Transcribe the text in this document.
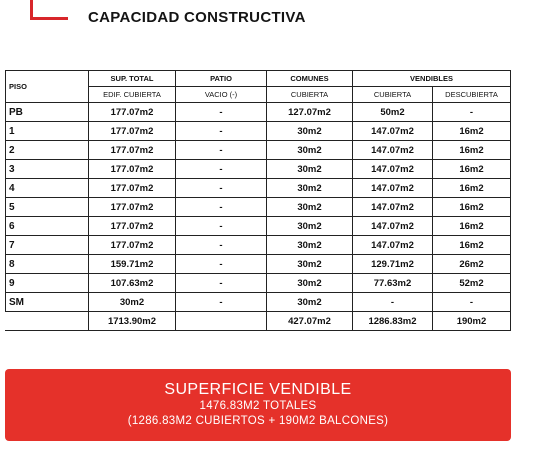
CAPACIDAD CONSTRUCTIVA
PISO	SUP. TOTAL	PATIO	COMUNES	VENDIBLES	
	EDIF. CUBIERTA	VACIO (-)	CUBIERTA	CUBIERTA	DESCUBIERTA
PB	177.07m2	-	127.07m2	50m2	-
1	177.07m2	-	30m2	147.07m2	16m2
2	177.07m2	-	30m2	147.07m2	16m2
3	177.07m2	-	30m2	147.07m2	16m2
4	177.07m2	-	30m2	147.07m2	16m2
5	177.07m2	-	30m2	147.07m2	16m2
6	177.07m2	-	30m2	147.07m2	16m2
7	177.07m2	-	30m2	147.07m2	16m2
8	159.71m2	-	30m2	129.71m2	26m2
9	107.63m2	-	30m2	77.63m2	52m2
SM	30m2	-	30m2	-	-
	1713.90m2		427.07m2	1286.83m2	190m2
SUPERFICIE VENDIBLE
1476.83M2 TOTALES
(1286.83M2 CUBIERTOS + 190M2 BALCONES)
